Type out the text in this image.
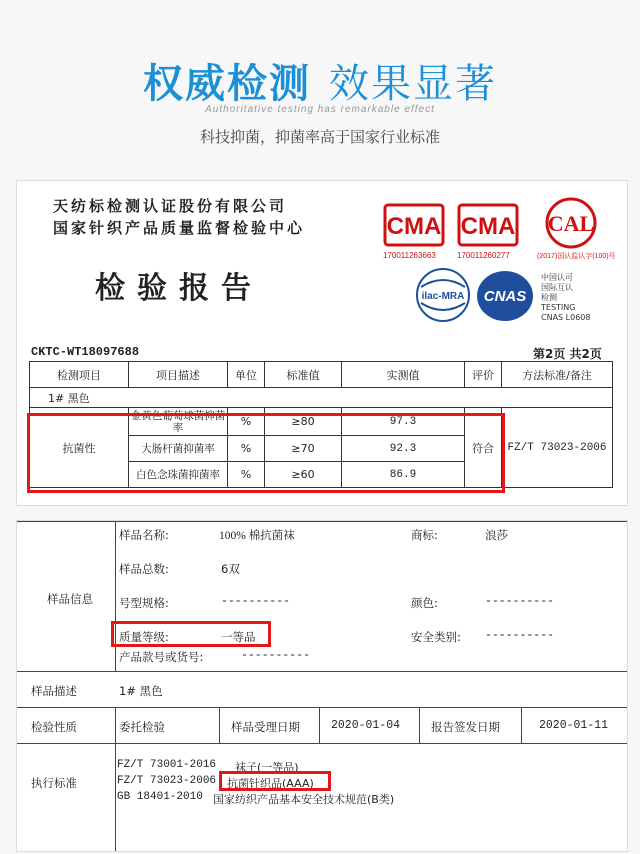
权威检测 效果显著
Authoritative testing has remarkable effect
科技抑菌，抑菌率高于国家行业标准
天纺标检测认证股份有限公司
国家针织产品质量监督检验中心
检验报告
CMA
170011263663
CMA
170011260277
CAL
(2017)国认监认字(100)号
ilac-MRA CNAS
中国认可
国际互认
检测
TESTING
CNAS L0608
CKTC-WT18097688	第2页 共2页
检测项目	项目描述	单位	标准值	实测值	评价	方法标准/备注
1# 黑色						
抗菌性	金黄色葡萄球菌抑菌率	%	≥80	97.3	符合	FZ/T 73023-2006
	大肠杆菌抑菌率	%	≥70	92.3		
	白色念珠菌抑菌率	%	≥60	86.9		
样品信息
样品名称:	100% 棉抗菌袜	商标:	浪莎
样品总数:	6双
号型规格:	----------	颜色:	----------
质量等级:	一等品	安全类别: ----------
产品款号或货号:	----------
样品描述	1# 黑色
检验性质	委托检验	样品受理日期	2020-01-04	报告签发日期	2020-01-11
执行标准
FZ/T 73001-2016 袜子(一等品)
FZ/T 73023-2006 抗菌针织品(AAA)
GB 18401-2010 国家纺织产品基本安全技术规范(B类)
